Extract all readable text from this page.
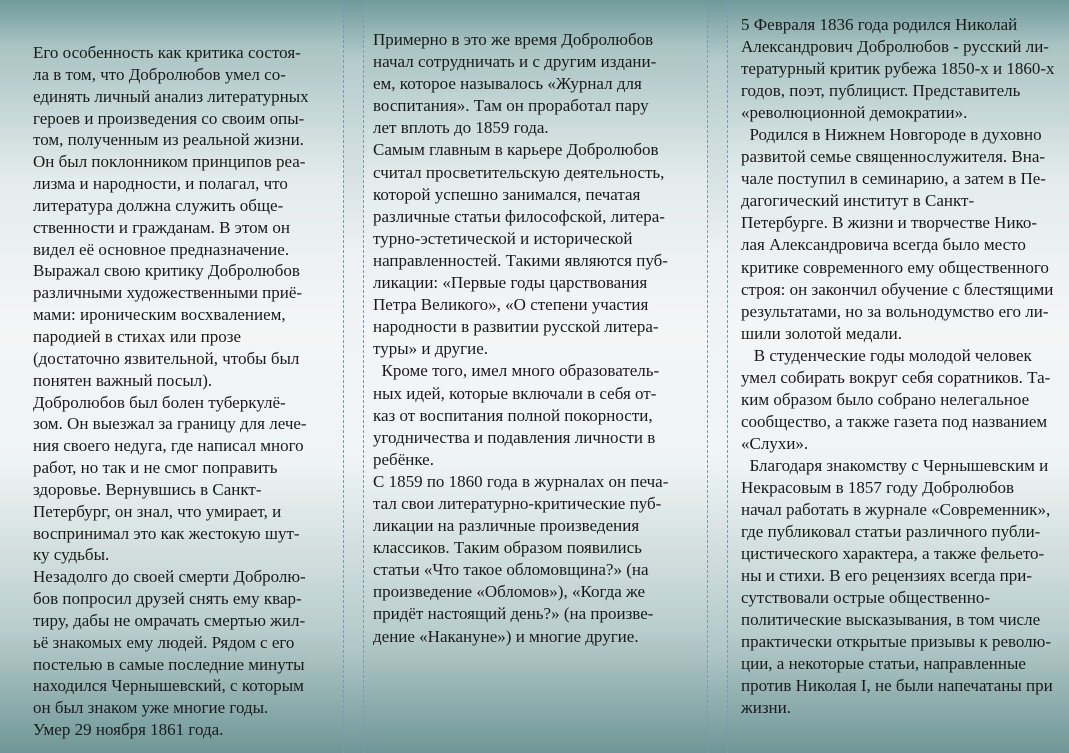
Его особенность как критика состоя-
ла в том, что Добролюбов умел со-
единять личный анализ литературных
героев и произведения со своим опы-
том, полученным из реальной жизни.
Он был поклонником принципов реа-
лизма и народности, и полагал, что
литература должна служить обще-
ственности и гражданам. В этом он
видел её основное предназначение.
Выражал свою критику Добролюбов
различными художественными приё-
мами: ироническим восхвалением,
пародией в стихах или прозе
(достаточно язвительной, чтобы был
понятен важный посыл).
Добролюбов был болен туберкулё-
зом. Он выезжал за границу для лече-
ния своего недуга, где написал много
работ, но так и не смог поправить
здоровье. Вернувшись в Санкт-
Петербург, он знал, что умирает, и
воспринимал это как жестокую шут-
ку судьбы.
Незадолго до своей смерти Добролю-
бов попросил друзей снять ему квар-
тиру, дабы не омрачать смертью жил-
ьё знакомых ему людей. Рядом с его
постелью в самые последние минуты
находился Чернышевский, с которым
он был знаком уже многие годы.
Умер 29 ноября 1861 года.
Примерно в это же время Добролюбов
начал сотрудничать и с другим издани-
ем, которое называлось «Журнал для
воспитания». Там он проработал пару
лет вплоть до 1859 года.
Самым главным в карьере Добролюбов
считал просветительскую деятельность,
которой успешно занимался, печатая
различные статьи философской, литера-
турно-эстетической и исторической
направленностей. Такими являются пуб-
ликации: «Первые годы царствования
Петра Великого», «О степени участия
народности в развитии русской литера-
туры» и другие.
Кроме того, имел много образователь-
ных идей, которые включали в себя от-
каз от воспитания полной покорности,
угодничества и подавления личности в
ребёнке.
С 1859 по 1860 года в журналах он печа-
тал свои литературно-критические пуб-
ликации на различные произведения
классиков. Таким образом появились
статьи «Что такое обломовщина?» (на
произведение «Обломов»), «Когда же
придёт настоящий день?» (на произве-
дение «Накануне») и многие другие.
5 Февраля 1836 года родился Николай
Александрович Добролюбов - русский ли-
тературный критик рубежа 1850-х и 1860-х
годов, поэт, публицист. Представитель
«революционной демократии».
Родился в Нижнем Новгороде в духовно
развитой семье священнослужителя. Вна-
чале поступил в семинарию, а затем в Пе-
дагогический институт в Санкт-
Петербурге. В жизни и творчестве Нико-
лая Александровича всегда было место
критике современного ему общественного
строя: он закончил обучение с блестящими
результатами, но за вольнодумство его ли-
шили золотой медали.
В студенческие годы молодой человек
умел собирать вокруг себя соратников. Та-
ким образом было собрано нелегальное
сообщество, а также газета под названием
«Слухи».
Благодаря знакомству с Чернышевским и
Некрасовым в 1857 году Добролюбов
начал работать в журнале «Современник»,
где публиковал статьи различного публи-
цистического характера, а также фельето-
ны и стихи. В его рецензиях всегда при-
сутствовали острые общественно-
политические высказывания, в том числе
практически открытые призывы к револю-
ции, а некоторые статьи, направленные
против Николая I, не были напечатаны при
жизни.
